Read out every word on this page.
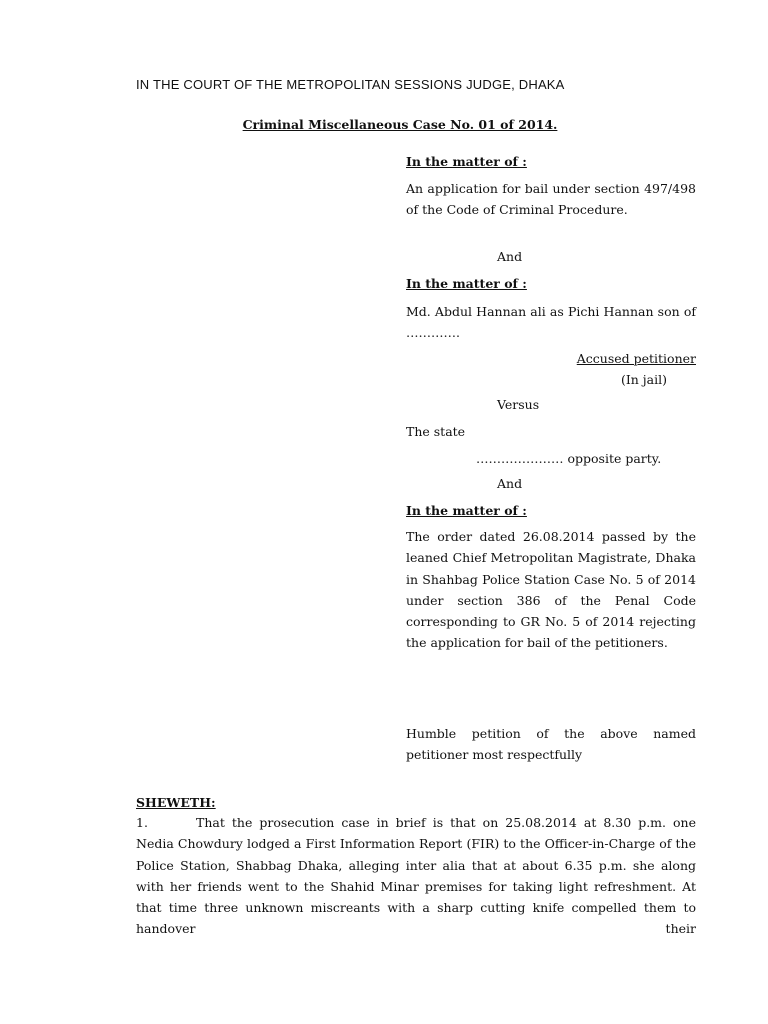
IN THE COURT OF THE METROPOLITAN SESSIONS JUDGE, DHAKA
Criminal Miscellaneous Case No. 01 of 2014.
In the matter of :
An application for bail under section 497/498 of the Code of Criminal Procedure.
And
In the matter of :
Md. Abdul Hannan ali as Pichi Hannan son of ………….
Accused petitioner
(In jail)
Versus
The state
………………… opposite party.
And
In the matter of :
The order dated 26.08.2014 passed by the leaned Chief Metropolitan Magistrate, Dhaka in Shahbag Police Station Case No. 5 of 2014 under section 386 of the Penal Code corresponding to GR No. 5 of 2014 rejecting the application for bail of the petitioners.
Humble petition of the above named petitioner most respectfully
SHEWETH:
1.	That the prosecution case in brief is that on 25.08.2014 at 8.30 p.m. one Nedia Chowdury lodged a First Information Report (FIR) to the Officer-in-Charge of the Police Station, Shabbag Dhaka, alleging inter alia that at about 6.35 p.m. she along with her friends went to the Shahid Minar premises for taking light refreshment. At that time three unknown miscreants with a sharp cutting knife compelled them to handover their
